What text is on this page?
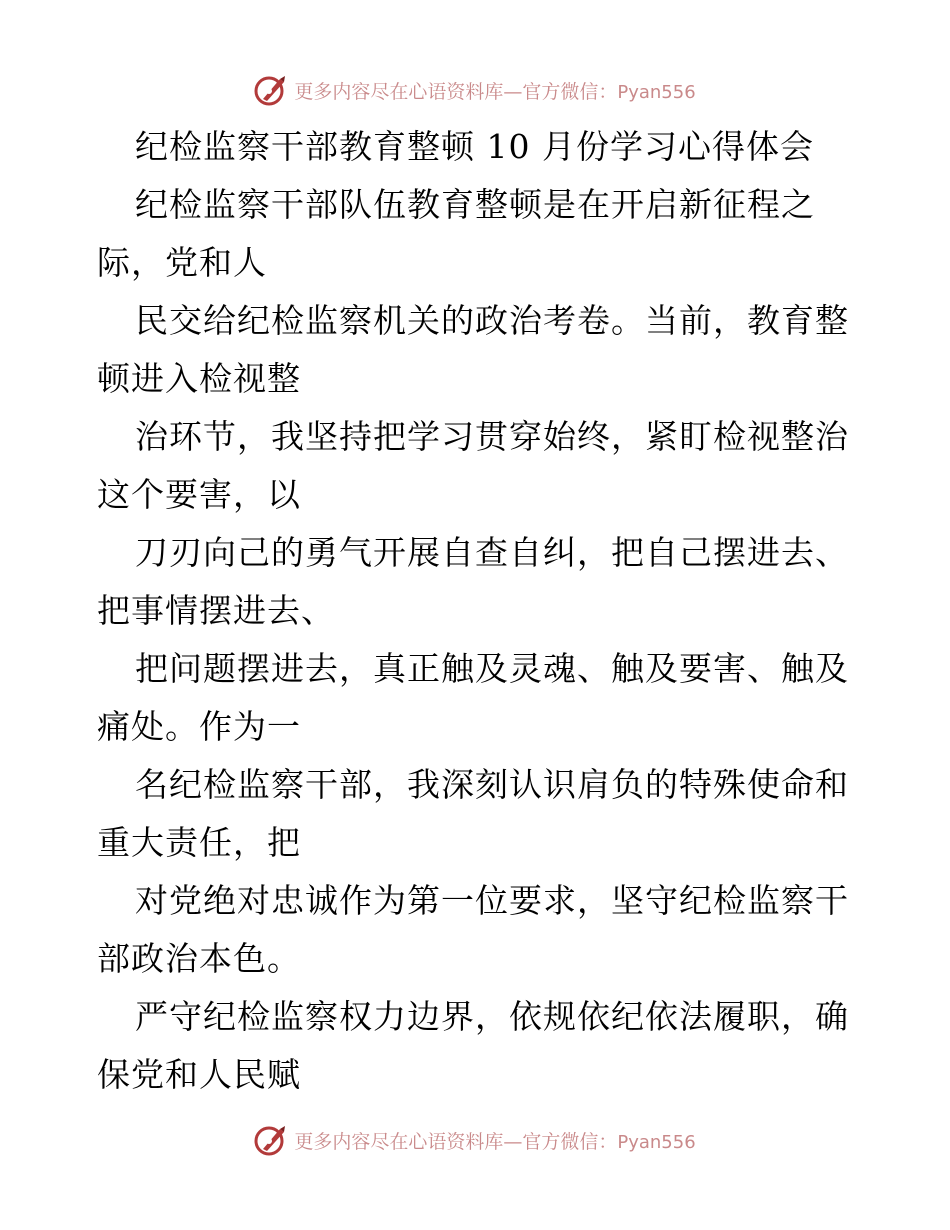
更多内容尽在心语资料库—官方微信：Pyan556
纪检监察干部教育整顿 10 月份学习心得体会
纪检监察干部队伍教育整顿是在开启新征程之
际，党和人
民交给纪检监察机关的政治考卷。当前，教育整
顿进入检视整
治环节，我坚持把学习贯穿始终，紧盯检视整治
这个要害，以
刀刃向己的勇气开展自查自纠，把自己摆进去、
把事情摆进去、
把问题摆进去，真正触及灵魂、触及要害、触及
痛处。作为一
名纪检监察干部，我深刻认识肩负的特殊使命和
重大责任，把
对党绝对忠诚作为第一位要求，坚守纪检监察干
部政治本色。
严守纪检监察权力边界，依规依纪依法履职，确
保党和人民赋
更多内容尽在心语资料库—官方微信：Pyan556
